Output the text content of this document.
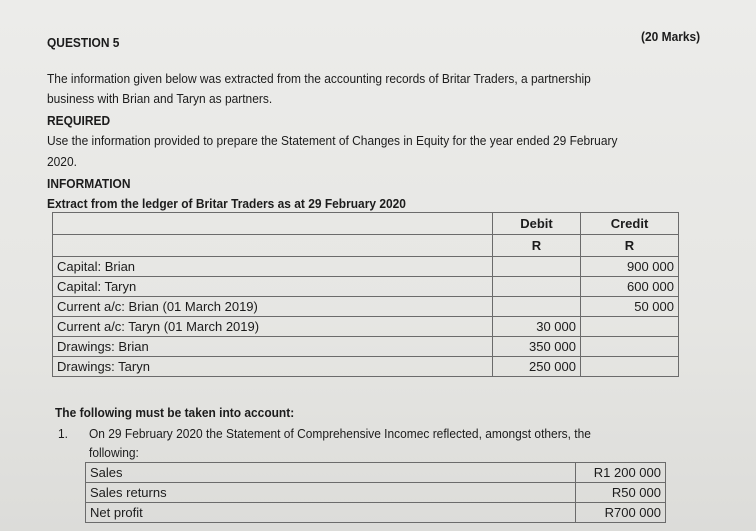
QUESTION 5	(20 Marks)
The information given below was extracted from the accounting records of Britar Traders, a partnership
business with Brian and Taryn as partners.
REQUIRED
Use the information provided to prepare the Statement of Changes in Equity for the year ended 29 February
2020.
INFORMATION
Extract from the ledger of Britar Traders as at 29 February 2020
	Debit	Credit
	R	R
Capital: Brian		900 000
Capital: Taryn		600 000
Current a/c: Brian (01 March 2019)		50 000
Current a/c: Taryn (01 March 2019)	30 000	
Drawings: Brian	350 000	
Drawings: Taryn	250 000	
The following must be taken into account:
1. On 29 February 2020 the Statement of Comprehensive Incomec reflected, amongst others, the
following:
Sales	R1 200 000
Sales returns	R50 000
Net profit	R700 000
